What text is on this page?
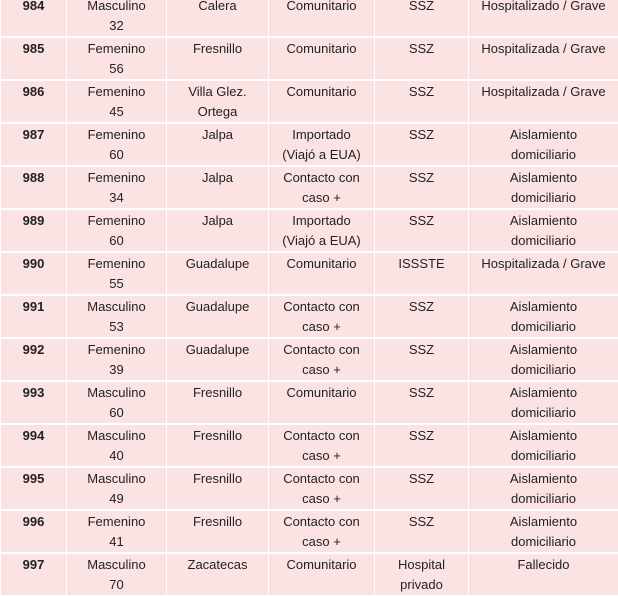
984	Masculino
32	Calera	Comunitario	SSZ	Hospitalizado / Grave

985	Femenino
56	Fresnillo	Comunitario	SSZ	Hospitalizada / Grave

986	Femenino
45	Villa Glez.
Ortega	Comunitario	SSZ	Hospitalizada / Grave

987	Femenino
60	Jalpa	Importado
(Viajó a EUA)	SSZ	Aislamiento
domiciliario

988	Femenino
34	Jalpa	Contacto con
caso +	SSZ	Aislamiento
domiciliario

989	Femenino
60	Jalpa	Importado
(Viajó a EUA)	SSZ	Aislamiento
domiciliario

990	Femenino
55	Guadalupe	Comunitario	ISSSTE	Hospitalizada / Grave

991	Masculino
53	Guadalupe	Contacto con
caso +	SSZ	Aislamiento
domiciliario

992	Femenino
39	Guadalupe	Contacto con
caso +	SSZ	Aislamiento
domiciliario

993	Masculino
60	Fresnillo	Comunitario	SSZ	Aislamiento
domiciliario

994	Masculino
40	Fresnillo	Contacto con
caso +	SSZ	Aislamiento
domiciliario

995	Masculino
49	Fresnillo	Contacto con
caso +	SSZ	Aislamiento
domiciliario

996	Femenino
41	Fresnillo	Contacto con
caso +	SSZ	Aislamiento
domiciliario

997	Masculino
70	Zacatecas	Comunitario	Hospital
privado	Fallecido
